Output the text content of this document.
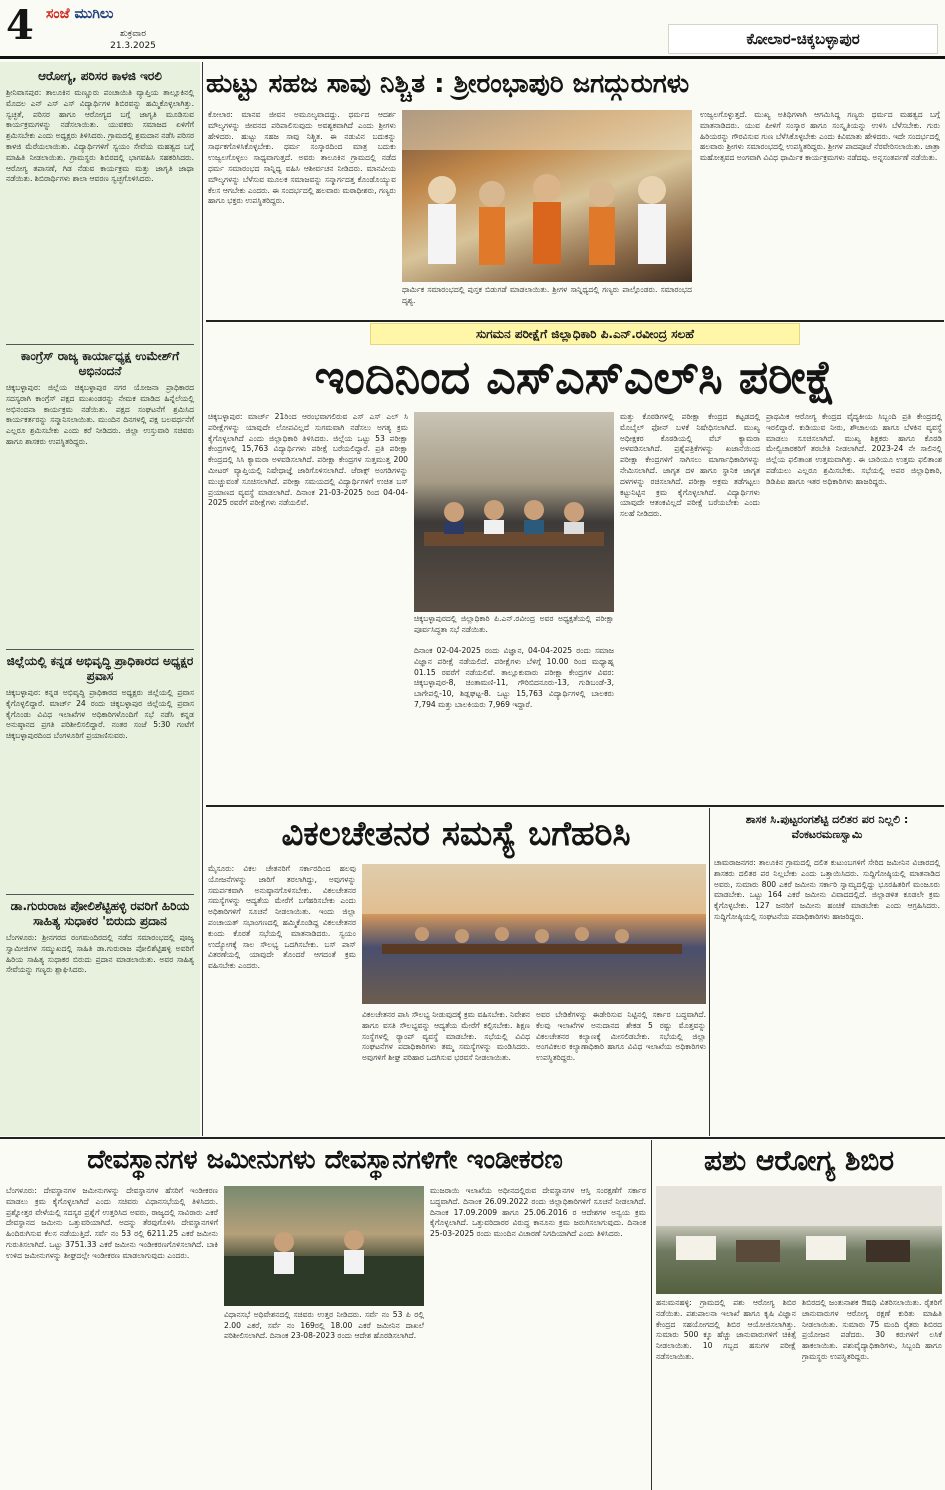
4 ಸಂಜೆ ಮುಗಿಲು
ಶುಕ್ರವಾರ
21.3.2025	ಕೋಲಾರ-ಚಿಕ್ಕಬಳ್ಳಾಪುರ
ಆರೋಗ್ಯ, ಪರಿಸರ ಕಾಳಜಿ ಇರಲಿ
ಶ್ರೀನಿವಾಸಪುರ: ತಾಲೂಕಿನ ಮಣ್ಣೂರು ಪಂಚಾಯಿತಿ ವ್ಯಾಪ್ತಿಯ ತಾಲ್ಲೂಕಿನಲ್ಲಿ ಮೊದಲ ಎನ್ ಎಸ್ ಎಸ್ ವಿದ್ಯಾರ್ಥಿಗಳ ಶಿಬಿರವನ್ನು ಹಮ್ಮಿಕೊಳ್ಳಲಾಗಿತ್ತು. ಸ್ವಚ್ಛತೆ, ಪರಿಸರ ಹಾಗೂ ಆರೋಗ್ಯದ ಬಗ್ಗೆ ಜಾಗೃತಿ ಮೂಡಿಸುವ ಕಾರ್ಯಕ್ರಮಗಳನ್ನು ನಡೆಸಲಾಯಿತು. ಯುವಕರು ಸಮಾಜದ ಏಳಿಗೆಗೆ ಶ್ರಮಿಸಬೇಕು ಎಂದು ಅಧ್ಯಕ್ಷರು ತಿಳಿಸಿದರು. ಗ್ರಾಮದಲ್ಲಿ ಶ್ರಮದಾನ ನಡೆಸಿ ಪರಿಸರ ಕಾಳಜಿ ಮೆರೆಯಲಾಯಿತು. ವಿದ್ಯಾರ್ಥಿಗಳಿಗೆ ಸ್ವಯಂ ಸೇವೆಯ ಮಹತ್ವದ ಬಗ್ಗೆ ಮಾಹಿತಿ ನೀಡಲಾಯಿತು. ಗ್ರಾಮಸ್ಥರು ಶಿಬಿರದಲ್ಲಿ ಭಾಗವಹಿಸಿ ಸಹಕರಿಸಿದರು. ಆರೋಗ್ಯ ತಪಾಸಣೆ, ಗಿಡ ನೆಡುವ ಕಾರ್ಯಕ್ರಮ ಮತ್ತು ಜಾಗೃತಿ ಜಾಥಾ ನಡೆಯಿತು. ಶಿಬಿರಾರ್ಥಿಗಳು ಶಾಲಾ ಆವರಣ ಸ್ವಚ್ಛಗೊಳಿಸಿದರು.
ಕಾಂಗ್ರೆಸ್ ರಾಜ್ಯ ಕಾರ್ಯಾಧ್ಯಕ್ಷ ಉಮೇಶ್‌ಗೆ ಅಭಿನಂದನೆ
ಚಿಕ್ಕಬಳ್ಳಾಪುರ: ಜಿಲ್ಲೆಯ ಚಿಕ್ಕಬಳ್ಳಾಪುರ ನಗರ ಯೋಜನಾ ಪ್ರಾಧಿಕಾರದ ಸದಸ್ಯರಾಗಿ ಕಾಂಗ್ರೆಸ್ ಪಕ್ಷದ ಮುಖಂಡರನ್ನು ನೇಮಕ ಮಾಡಿದ ಹಿನ್ನೆಲೆಯಲ್ಲಿ ಅಭಿನಂದನಾ ಕಾರ್ಯಕ್ರಮ ನಡೆಯಿತು. ಪಕ್ಷದ ಸಂಘಟನೆಗೆ ಶ್ರಮಿಸಿದ ಕಾರ್ಯಕರ್ತರನ್ನು ಸನ್ಮಾನಿಸಲಾಯಿತು. ಮುಂದಿನ ದಿನಗಳಲ್ಲಿ ಪಕ್ಷ ಬಲವರ್ಧನೆಗೆ ಎಲ್ಲರೂ ಶ್ರಮಿಸಬೇಕು ಎಂದು ಕರೆ ನೀಡಿದರು. ಜಿಲ್ಲಾ ಉಸ್ತುವಾರಿ ಸಚಿವರು ಹಾಗೂ ಶಾಸಕರು ಉಪಸ್ಥಿತರಿದ್ದರು.
ಜಿಲ್ಲೆಯಲ್ಲಿ ಕನ್ನಡ ಅಭಿವೃದ್ಧಿ ಪ್ರಾಧಿಕಾರದ ಅಧ್ಯಕ್ಷರ ಪ್ರವಾಸ
ಚಿಕ್ಕಬಳ್ಳಾಪುರ: ಕನ್ನಡ ಅಭಿವೃದ್ಧಿ ಪ್ರಾಧಿಕಾರದ ಅಧ್ಯಕ್ಷರು ಜಿಲ್ಲೆಯಲ್ಲಿ ಪ್ರವಾಸ ಕೈಗೊಳ್ಳಲಿದ್ದಾರೆ. ಮಾರ್ಚ್ 24 ರಂದು ಚಿಕ್ಕಬಳ್ಳಾಪುರ ಜಿಲ್ಲೆಯಲ್ಲಿ ಪ್ರವಾಸ ಕೈಗೊಂಡು ವಿವಿಧ ಇಲಾಖೆಗಳ ಅಧಿಕಾರಿಗಳೊಂದಿಗೆ ಸಭೆ ನಡೆಸಿ ಕನ್ನಡ ಅನುಷ್ಠಾನದ ಪ್ರಗತಿ ಪರಿಶೀಲಿಸಲಿದ್ದಾರೆ. ನಂತರ ಸಂಜೆ 5:30 ಗಂಟೆಗೆ ಚಿಕ್ಕಬಳ್ಳಾಪುರದಿಂದ ಬೆಂಗಳೂರಿಗೆ ಪ್ರಯಾಣಿಸುವರು.
ಡಾ.ಗುರುರಾಜ ಪೋಲಿಶೆಟ್ಟಿಹಳ್ಳಿ ರವರಿಗೆ ಹಿರಿಯ ಸಾಹಿತ್ಯ ಸುಧಾಕರ 'ಬಿರುದು ಪ್ರದಾನ
ಬೆಂಗಳೂರು: ಶ್ರೀನಗರದ ರಂಗಮಂದಿರದಲ್ಲಿ ನಡೆದ ಸಮಾರಂಭದಲ್ಲಿ ಪೂಜ್ಯ ಸ್ವಾಮೀಜಿಗಳ ಸಮ್ಮುಖದಲ್ಲಿ ಸಾಹಿತಿ ಡಾ.ಗುರುರಾಜ ಪೋಲಿಶೆಟ್ಟಿಹಳ್ಳಿ ಅವರಿಗೆ ಹಿರಿಯ ಸಾಹಿತ್ಯ ಸುಧಾಕರ ಬಿರುದು ಪ್ರದಾನ ಮಾಡಲಾಯಿತು. ಅವರ ಸಾಹಿತ್ಯ ಸೇವೆಯನ್ನು ಗಣ್ಯರು ಶ್ಲಾಘಿಸಿದರು.
ಹುಟ್ಟು ಸಹಜ ಸಾವು ನಿಶ್ಚಿತ : ಶ್ರೀರಂಭಾಪುರಿ ಜಗದ್ಗುರುಗಳು
ಕೋಲಾರ: ಮಾನವ ಜೀವನ ಅಮೂಲ್ಯವಾದದ್ದು. ಧರ್ಮದ ಆದರ್ಶ ಮೌಲ್ಯಗಳನ್ನು ಜೀವನದ ಪರಿಪಾಲಿಸುವುದು ಅವಶ್ಯಕವಾಗಿದೆ ಎಂದು ಶ್ರೀಗಳು ಹೇಳಿದರು. ಹುಟ್ಟು ಸಹಜ ಸಾವು ನಿಶ್ಚಿತ. ಈ ನಡುವಿನ ಬದುಕನ್ನು ಸಾರ್ಥಕಗೊಳಿಸಿಕೊಳ್ಳಬೇಕು. ಧರ್ಮ ಸಂಸ್ಕಾರದಿಂದ ಮಾತ್ರ ಬದುಕು ಉಜ್ವಲಗೊಳ್ಳಲು ಸಾಧ್ಯವಾಗುತ್ತದೆ. ಅವರು ತಾಲೂಕಿನ ಗ್ರಾಮದಲ್ಲಿ ನಡೆದ ಧರ್ಮ ಸಮಾರಂಭದ ಸಾನ್ನಿಧ್ಯ ವಹಿಸಿ ಆಶೀರ್ವಚನ ನೀಡಿದರು. ಮಾನವೀಯ ಮೌಲ್ಯಗಳನ್ನು ಬೆಳೆಸುವ ಮೂಲಕ ಸಮಾಜವನ್ನು ಸನ್ಮಾರ್ಗದತ್ತ ಕೊಂಡೊಯ್ಯುವ ಕೆಲಸ ಆಗಬೇಕು ಎಂದರು. ಈ ಸಂದರ್ಭದಲ್ಲಿ ಹಲವಾರು ಮಠಾಧೀಶರು, ಗಣ್ಯರು ಹಾಗೂ ಭಕ್ತರು ಉಪಸ್ಥಿತರಿದ್ದರು.
ಧಾರ್ಮಿಕ ಸಮಾರಂಭದಲ್ಲಿ ಪುಸ್ತಕ ಬಿಡುಗಡೆ ಮಾಡಲಾಯಿತು. ಶ್ರೀಗಳ ಸಾನ್ನಿಧ್ಯದಲ್ಲಿ ಗಣ್ಯರು ಪಾಲ್ಗೊಂಡರು. ಸಮಾರಂಭದ ದೃಶ್ಯ.
ಉಜ್ವಲಗೊಳ್ಳುತ್ತದೆ. ಮುಖ್ಯ ಅತಿಥಿಗಳಾಗಿ ಆಗಮಿಸಿದ್ದ ಗಣ್ಯರು ಧರ್ಮದ ಮಹತ್ವದ ಬಗ್ಗೆ ಮಾತನಾಡಿದರು. ಯುವ ಪೀಳಿಗೆ ಸಂಸ್ಕಾರ ಹಾಗೂ ಸಂಸ್ಕೃತಿಯನ್ನು ಉಳಿಸಿ ಬೆಳೆಸಬೇಕು. ಗುರು ಹಿರಿಯರನ್ನು ಗೌರವಿಸುವ ಗುಣ ಬೆಳೆಸಿಕೊಳ್ಳಬೇಕು ಎಂದು ಕಿವಿಮಾತು ಹೇಳಿದರು. ಇದೇ ಸಂದರ್ಭದಲ್ಲಿ ಹಲವಾರು ಶ್ರೀಗಳು ಸಮಾರಂಭದಲ್ಲಿ ಉಪಸ್ಥಿತರಿದ್ದರು. ಶ್ರೀಗಳ ಪಾದಪೂಜೆ ನೆರವೇರಿಸಲಾಯಿತು. ಜಾತ್ರಾ ಮಹೋತ್ಸವದ ಅಂಗವಾಗಿ ವಿವಿಧ ಧಾರ್ಮಿಕ ಕಾರ್ಯಕ್ರಮಗಳು ನಡೆದವು. ಅನ್ನಸಂತರ್ಪಣೆ ನಡೆಯಿತು.
ಸುಗಮನ ಪರೀಕ್ಷೆಗೆ ಜಿಲ್ಲಾಧಿಕಾರಿ ಪಿ.ಎನ್.ರವೀಂದ್ರ ಸಲಹೆ
ಇಂದಿನಿಂದ ಎಸ್‌ಎಸ್‌ಎಲ್‌ಸಿ ಪರೀಕ್ಷೆ
ಚಿಕ್ಕಬಳ್ಳಾಪುರ: ಮಾರ್ಚ್ 21ರಿಂದ ಆರಂಭವಾಗಲಿರುವ ಎಸ್ ಎಸ್ ಎಲ್ ಸಿ ಪರೀಕ್ಷೆಗಳನ್ನು ಯಾವುದೇ ಲೋಪವಿಲ್ಲದೆ ಸುಗಮವಾಗಿ ನಡೆಸಲು ಅಗತ್ಯ ಕ್ರಮ ಕೈಗೊಳ್ಳಲಾಗಿದೆ ಎಂದು ಜಿಲ್ಲಾಧಿಕಾರಿ ತಿಳಿಸಿದರು. ಜಿಲ್ಲೆಯ ಒಟ್ಟು 53 ಪರೀಕ್ಷಾ ಕೇಂದ್ರಗಳಲ್ಲಿ 15,763 ವಿದ್ಯಾರ್ಥಿಗಳು ಪರೀಕ್ಷೆ ಬರೆಯಲಿದ್ದಾರೆ. ಪ್ರತಿ ಪರೀಕ್ಷಾ ಕೇಂದ್ರದಲ್ಲಿ ಸಿಸಿ ಕ್ಯಾಮರಾ ಅಳವಡಿಸಲಾಗಿದೆ. ಪರೀಕ್ಷಾ ಕೇಂದ್ರಗಳ ಸುತ್ತಮುತ್ತ 200 ಮೀಟರ್ ವ್ಯಾಪ್ತಿಯಲ್ಲಿ ನಿಷೇಧಾಜ್ಞೆ ಜಾರಿಗೊಳಿಸಲಾಗಿದೆ. ಜೆರಾಕ್ಸ್ ಅಂಗಡಿಗಳನ್ನು ಮುಚ್ಚುವಂತೆ ಸೂಚಿಸಲಾಗಿದೆ. ಪರೀಕ್ಷಾ ಸಮಯದಲ್ಲಿ ವಿದ್ಯಾರ್ಥಿಗಳಿಗೆ ಉಚಿತ ಬಸ್ ಪ್ರಯಾಣದ ವ್ಯವಸ್ಥೆ ಮಾಡಲಾಗಿದೆ. ದಿನಾಂಕ 21-03-2025 ರಿಂದ 04-04-2025 ರವರೆಗೆ ಪರೀಕ್ಷೆಗಳು ನಡೆಯಲಿವೆ.
ಚಿಕ್ಕಬಳ್ಳಾಪುರದಲ್ಲಿ ಜಿಲ್ಲಾಧಿಕಾರಿ ಪಿ.ಎನ್.ರವೀಂದ್ರ ಅವರ ಅಧ್ಯಕ್ಷತೆಯಲ್ಲಿ ಪರೀಕ್ಷಾ ಪೂರ್ವಸಿದ್ಧತಾ ಸಭೆ ನಡೆಯಿತು.
ದಿನಾಂಕ 02-04-2025 ರಂದು ವಿಜ್ಞಾನ, 04-04-2025 ರಂದು ಸಮಾಜ ವಿಜ್ಞಾನ ಪರೀಕ್ಷೆ ನಡೆಯಲಿದೆ. ಪರೀಕ್ಷೆಗಳು ಬೆಳಿಗ್ಗೆ 10.00 ರಿಂದ ಮಧ್ಯಾಹ್ನ 01.15 ರವರೆಗೆ ನಡೆಯಲಿವೆ. ತಾಲ್ಲೂಕುವಾರು ಪರೀಕ್ಷಾ ಕೇಂದ್ರಗಳ ವಿವರ: ಚಿಕ್ಕಬಳ್ಳಾಪುರ-8, ಚಿಂತಾಮಣಿ-11, ಗೌರಿಬಿದನೂರು-13, ಗುಡಿಬಂಡೆ-3, ಬಾಗೇಪಲ್ಲಿ-10, ಶಿಡ್ಲಘಟ್ಟ-8. ಒಟ್ಟು 15,763 ವಿದ್ಯಾರ್ಥಿಗಳಲ್ಲಿ ಬಾಲಕರು 7,794 ಮತ್ತು ಬಾಲಕಿಯರು 7,969 ಇದ್ದಾರೆ.
ಮತ್ತು ಕೊಠಡಿಗಳಲ್ಲಿ ಪರೀಕ್ಷಾ ಕೇಂದ್ರದ ಕಟ್ಟಡದಲ್ಲಿ ಮೊಬೈಲ್ ಫೋನ್ ಬಳಕೆ ನಿಷೇಧಿಸಲಾಗಿದೆ. ಮುಖ್ಯ ಅಧೀಕ್ಷಕರ ಕೊಠಡಿಯಲ್ಲಿ ವೆಬ್ ಕ್ಯಾಮರಾ ಅಳವಡಿಸಲಾಗಿದೆ. ಪ್ರಶ್ನೆಪತ್ರಿಕೆಗಳನ್ನು ಖಜಾನೆಯಿಂದ ಪರೀಕ್ಷಾ ಕೇಂದ್ರಗಳಿಗೆ ಸಾಗಿಸಲು ಮಾರ್ಗಾಧಿಕಾರಿಗಳನ್ನು ನೇಮಿಸಲಾಗಿದೆ. ಜಾಗೃತ ದಳ ಹಾಗೂ ಸ್ಥಾನಿಕ ಜಾಗೃತ ದಳಗಳನ್ನು ರಚಿಸಲಾಗಿದೆ. ಪರೀಕ್ಷಾ ಅಕ್ರಮ ತಡೆಗಟ್ಟಲು ಕಟ್ಟುನಿಟ್ಟಿನ ಕ್ರಮ ಕೈಗೊಳ್ಳಲಾಗಿದೆ. ವಿದ್ಯಾರ್ಥಿಗಳು ಯಾವುದೇ ಆತಂಕವಿಲ್ಲದೆ ಪರೀಕ್ಷೆ ಬರೆಯಬೇಕು ಎಂದು ಸಲಹೆ ನೀಡಿದರು.
ಪ್ರಾಥಮಿಕ ಆರೋಗ್ಯ ಕೇಂದ್ರದ ವೈದ್ಯಕೀಯ ಸಿಬ್ಬಂದಿ ಪ್ರತಿ ಕೇಂದ್ರದಲ್ಲಿ ಇರಲಿದ್ದಾರೆ. ಕುಡಿಯುವ ನೀರು, ಶೌಚಾಲಯ ಹಾಗೂ ಬೆಳಕಿನ ವ್ಯವಸ್ಥೆ ಮಾಡಲು ಸೂಚಿಸಲಾಗಿದೆ. ಮುಖ್ಯ ಶಿಕ್ಷಕರು ಹಾಗೂ ಕೊಠಡಿ ಮೇಲ್ವಿಚಾರಕರಿಗೆ ತರಬೇತಿ ನೀಡಲಾಗಿದೆ. 2023-24 ನೇ ಸಾಲಿನಲ್ಲಿ ಜಿಲ್ಲೆಯ ಫಲಿತಾಂಶ ಉತ್ತಮವಾಗಿತ್ತು. ಈ ಬಾರಿಯೂ ಉತ್ತಮ ಫಲಿತಾಂಶ ಪಡೆಯಲು ಎಲ್ಲರೂ ಶ್ರಮಿಸಬೇಕು. ಸಭೆಯಲ್ಲಿ ಅಪರ ಜಿಲ್ಲಾಧಿಕಾರಿ, ಡಿಡಿಪಿಐ ಹಾಗೂ ಇತರ ಅಧಿಕಾರಿಗಳು ಹಾಜರಿದ್ದರು.
ವಿಕಲಚೇತನರ ಸಮಸ್ಯೆ ಬಗೆಹರಿಸಿ
ಮೈಸೂರು: ವಿಕಲ ಚೇತನರಿಗೆ ಸರ್ಕಾರದಿಂದ ಹಲವು ಯೋಜನೆಗಳನ್ನು ಜಾರಿಗೆ ತರಲಾಗಿದ್ದು, ಅವುಗಳನ್ನು ಸಮರ್ಪಕವಾಗಿ ಅನುಷ್ಠಾನಗೊಳಿಸಬೇಕು. ವಿಕಲಚೇತನರ ಸಮಸ್ಯೆಗಳನ್ನು ಆದ್ಯತೆಯ ಮೇರೆಗೆ ಬಗೆಹರಿಸಬೇಕು ಎಂದು ಅಧಿಕಾರಿಗಳಿಗೆ ಸೂಚನೆ ನೀಡಲಾಯಿತು. ಇಂದು ಜಿಲ್ಲಾ ಪಂಚಾಯತ್ ಸಭಾಂಗಣದಲ್ಲಿ ಹಮ್ಮಿಕೊಂಡಿದ್ದ ವಿಕಲಚೇತನರ ಕುಂದು ಕೊರತೆ ಸಭೆಯಲ್ಲಿ ಮಾತನಾಡಿದರು. ಸ್ವಯಂ ಉದ್ಯೋಗಕ್ಕೆ ಸಾಲ ಸೌಲಭ್ಯ ಒದಗಿಸಬೇಕು. ಬಸ್ ಪಾಸ್ ವಿತರಣೆಯಲ್ಲಿ ಯಾವುದೇ ತೊಂದರೆ ಆಗದಂತೆ ಕ್ರಮ ವಹಿಸಬೇಕು ಎಂದರು.
ವಿಕಲಚೇತನರ ಪಾಸಿ ಸೌಲಭ್ಯ ನೀಡುವುದಕ್ಕೆ ಕ್ರಮ ವಹಿಸಬೇಕು. ನಿವೇಶನ ಹಾಗೂ ವಸತಿ ಸೌಲಭ್ಯವನ್ನು ಆದ್ಯತೆಯ ಮೇರೆಗೆ ಕಲ್ಪಿಸಬೇಕು. ಶಿಕ್ಷಣ ಸಂಸ್ಥೆಗಳಲ್ಲಿ ರ‍್ಯಾಂಪ್ ವ್ಯವಸ್ಥೆ ಮಾಡಬೇಕು. ಸಭೆಯಲ್ಲಿ ವಿವಿಧ ಸಂಘಟನೆಗಳ ಪದಾಧಿಕಾರಿಗಳು ತಮ್ಮ ಸಮಸ್ಯೆಗಳನ್ನು ಮಂಡಿಸಿದರು. ಅವುಗಳಿಗೆ ಶೀಘ್ರ ಪರಿಹಾರ ಒದಗಿಸುವ ಭರವಸೆ ನೀಡಲಾಯಿತು.
ಅವರ ಬೇಡಿಕೆಗಳನ್ನು ಈಡೇರಿಸುವ ನಿಟ್ಟಿನಲ್ಲಿ ಸರ್ಕಾರ ಬದ್ಧವಾಗಿದೆ. ಕೆಲವು ಇಲಾಖೆಗಳ ಅನುದಾನದ ಶೇಕಡ 5 ರಷ್ಟು ಮೊತ್ತವನ್ನು ವಿಕಲಚೇತನರ ಕಲ್ಯಾಣಕ್ಕೆ ಮೀಸಲಿಡಬೇಕು. ಸಭೆಯಲ್ಲಿ ಜಿಲ್ಲಾ ಅಂಗವಿಕಲರ ಕಲ್ಯಾಣಾಧಿಕಾರಿ ಹಾಗೂ ವಿವಿಧ ಇಲಾಖೆಯ ಅಧಿಕಾರಿಗಳು ಉಪಸ್ಥಿತರಿದ್ದರು.
ಶಾಸಕ ಸಿ.ಪುಟ್ಟರಂಗಶೆಟ್ಟಿ ದಲಿತರ ಪರ ನಿಲ್ಲಲಿ : ವೆಂಕಟರಮಣಸ್ವಾಮಿ
ಚಾಮರಾಜನಗರ: ತಾಲೂಕಿನ ಗ್ರಾಮದಲ್ಲಿ ದಲಿತ ಕುಟುಂಬಗಳಿಗೆ ಸೇರಿದ ಜಮೀನಿನ ವಿಚಾರದಲ್ಲಿ ಶಾಸಕರು ದಲಿತರ ಪರ ನಿಲ್ಲಬೇಕು ಎಂದು ಒತ್ತಾಯಿಸಿದರು. ಸುದ್ದಿಗೋಷ್ಠಿಯಲ್ಲಿ ಮಾತನಾಡಿದ ಅವರು, ಸುಮಾರು 800 ಎಕರೆ ಜಮೀನು ಸರ್ಕಾರಿ ಸ್ವಾಮ್ಯದಲ್ಲಿದ್ದು ಭೂರಹಿತರಿಗೆ ಮಂಜೂರು ಮಾಡಬೇಕು. ಒಟ್ಟು 164 ಎಕರೆ ಜಮೀನು ವಿವಾದದಲ್ಲಿದೆ. ಜಿಲ್ಲಾಡಳಿತ ಕೂಡಲೇ ಕ್ರಮ ಕೈಗೊಳ್ಳಬೇಕು. 127 ಜನರಿಗೆ ಜಮೀನು ಹಂಚಿಕೆ ಮಾಡಬೇಕು ಎಂದು ಆಗ್ರಹಿಸಿದರು. ಸುದ್ದಿಗೋಷ್ಠಿಯಲ್ಲಿ ಸಂಘಟನೆಯ ಪದಾಧಿಕಾರಿಗಳು ಹಾಜರಿದ್ದರು.
ದೇವಸ್ಥಾನಗಳ ಜಮೀನುಗಳು ದೇವಸ್ಥಾನಗಳಿಗೇ ಇಂಡೀಕರಣ
ಬೆಂಗಳೂರು: ದೇವಸ್ಥಾನಗಳ ಜಮೀನುಗಳನ್ನು ದೇವಸ್ಥಾನಗಳ ಹೆಸರಿಗೆ ಇಂಡೀಕರಣ ಮಾಡಲು ಕ್ರಮ ಕೈಗೊಳ್ಳಲಾಗಿದೆ ಎಂದು ಸಚಿವರು ವಿಧಾನಸಭೆಯಲ್ಲಿ ತಿಳಿಸಿದರು. ಪ್ರಶ್ನೋತ್ತರ ವೇಳೆಯಲ್ಲಿ ಸದಸ್ಯರ ಪ್ರಶ್ನೆಗೆ ಉತ್ತರಿಸಿದ ಅವರು, ರಾಜ್ಯದಲ್ಲಿ ಸಾವಿರಾರು ಎಕರೆ ದೇವಸ್ಥಾನದ ಜಮೀನು ಒತ್ತುವರಿಯಾಗಿದೆ. ಅದನ್ನು ತೆರವುಗೊಳಿಸಿ ದೇವಸ್ಥಾನಗಳಿಗೆ ಹಿಂದಿರುಗಿಸುವ ಕೆಲಸ ನಡೆಯುತ್ತಿದೆ. ಸರ್ವೆ ನಂ 53 ರಲ್ಲಿ 6211.25 ಎಕರೆ ಜಮೀನು ಗುರುತಿಸಲಾಗಿದೆ. ಒಟ್ಟು 3751.33 ಎಕರೆ ಜಮೀನು ಇಂಡೀಕರಣಗೊಳಿಸಲಾಗಿದೆ. ಬಾಕಿ ಉಳಿದ ಜಮೀನುಗಳನ್ನು ಶೀಘ್ರದಲ್ಲೇ ಇಂಡೀಕರಣ ಮಾಡಲಾಗುವುದು ಎಂದರು.
ವಿಧಾನಸಭೆ ಅಧಿವೇಶನದಲ್ಲಿ ಸಚಿವರು ಉತ್ತರ ನೀಡಿದರು. ಸರ್ವೆ ನಂ 53 ಪಿ ರಲ್ಲಿ 2.00 ಎಕರೆ, ಸರ್ವೆ ನಂ 169ರಲ್ಲಿ 18.00 ಎಕರೆ ಜಮೀನಿನ ದಾಖಲೆ ಪರಿಶೀಲಿಸಲಾಗಿದೆ. ದಿನಾಂಕ 23-08-2023 ರಂದು ಆದೇಶ ಹೊರಡಿಸಲಾಗಿದೆ.
ಮುಜರಾಯಿ ಇಲಾಖೆಯ ಅಧೀನದಲ್ಲಿರುವ ದೇವಸ್ಥಾನಗಳ ಆಸ್ತಿ ಸಂರಕ್ಷಣೆಗೆ ಸರ್ಕಾರ ಬದ್ಧವಾಗಿದೆ. ದಿನಾಂಕ 26.09.2022 ರಂದು ಜಿಲ್ಲಾಧಿಕಾರಿಗಳಿಗೆ ಸೂಚನೆ ನೀಡಲಾಗಿದೆ. ದಿನಾಂಕ 17.09.2009 ಹಾಗೂ 25.06.2016 ರ ಆದೇಶಗಳ ಅನ್ವಯ ಕ್ರಮ ಕೈಗೊಳ್ಳಲಾಗಿದೆ. ಒತ್ತುವರಿದಾರರ ವಿರುದ್ಧ ಕಾನೂನು ಕ್ರಮ ಜರುಗಿಸಲಾಗುವುದು. ದಿನಾಂಕ 25-03-2025 ರಂದು ಮುಂದಿನ ವಿಚಾರಣೆ ನಿಗದಿಯಾಗಿದೆ ಎಂದು ತಿಳಿಸಿದರು.
ಪಶು ಆರೋಗ್ಯ ಶಿಬಿರ
ಹನುಮನಹಳ್ಳಿ: ಗ್ರಾಮದಲ್ಲಿ ಪಶು ಆರೋಗ್ಯ ಶಿಬಿರ ನಡೆಯಿತು. ಪಶುಪಾಲನಾ ಇಲಾಖೆ ಹಾಗೂ ಕೃಷಿ ವಿಜ್ಞಾನ ಕೇಂದ್ರದ ಸಹಯೋಗದಲ್ಲಿ ಶಿಬಿರ ಆಯೋಜಿಸಲಾಗಿತ್ತು. ಸುಮಾರು 500 ಕ್ಕೂ ಹೆಚ್ಚು ಜಾನುವಾರುಗಳಿಗೆ ಚಿಕಿತ್ಸೆ ನೀಡಲಾಯಿತು. 10 ಗಬ್ಬದ ಹಸುಗಳ ಪರೀಕ್ಷೆ ನಡೆಸಲಾಯಿತು.
ಶಿಬಿರದಲ್ಲಿ ಜಂತುನಾಶಕ ಔಷಧಿ ವಿತರಿಸಲಾಯಿತು. ರೈತರಿಗೆ ಜಾನುವಾರುಗಳ ಆರೋಗ್ಯ ರಕ್ಷಣೆ ಕುರಿತು ಮಾಹಿತಿ ನೀಡಲಾಯಿತು. ಸುಮಾರು 75 ಮಂದಿ ರೈತರು ಶಿಬಿರದ ಪ್ರಯೋಜನ ಪಡೆದರು. 30 ಕರುಗಳಿಗೆ ಲಸಿಕೆ ಹಾಕಲಾಯಿತು. ಪಶುವೈದ್ಯಾಧಿಕಾರಿಗಳು, ಸಿಬ್ಬಂದಿ ಹಾಗೂ ಗ್ರಾಮಸ್ಥರು ಉಪಸ್ಥಿತರಿದ್ದರು.
